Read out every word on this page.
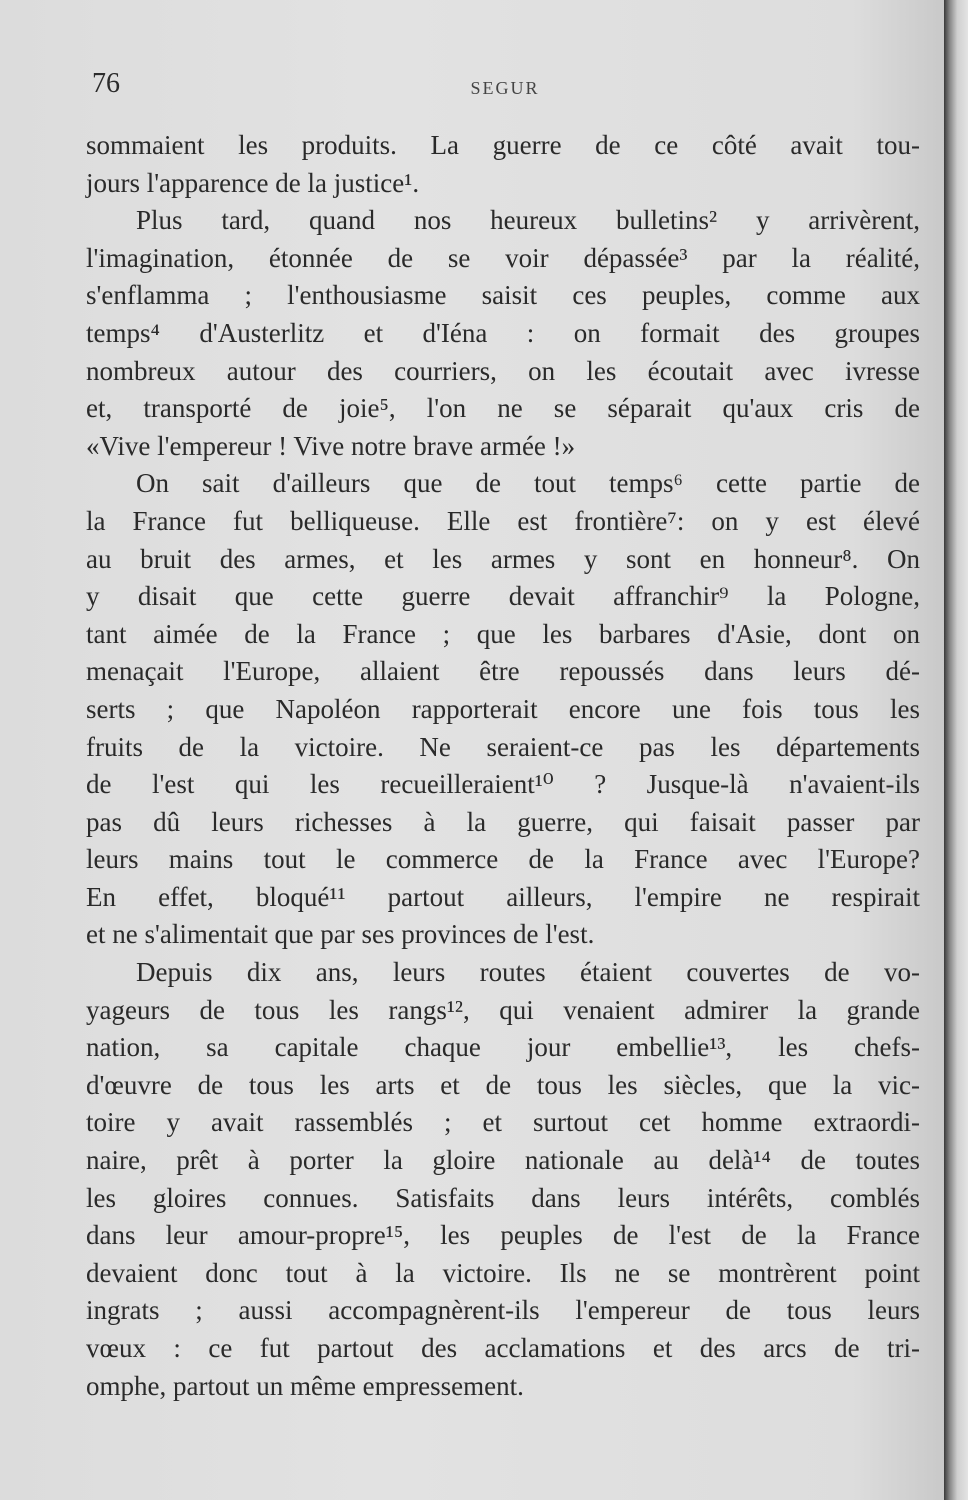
76	SEGUR
sommaient les produits. La guerre de ce côté avait tou-
jours l'apparence de la justice¹.
Plus tard, quand nos heureux bulletins² y arrivèrent,
l'imagination, étonnée de se voir dépassée³ par la réalité,
s'enflamma ; l'enthousiasme saisit ces peuples, comme aux
temps⁴ d'Austerlitz et d'Iéna : on formait des groupes
nombreux autour des courriers, on les écoutait avec ivresse
et, transporté de joie⁵, l'on ne se séparait qu'aux cris de
«Vive l'empereur ! Vive notre brave armée !»
On sait d'ailleurs que de tout temps⁶ cette partie de
la France fut belliqueuse. Elle est frontière⁷: on y est élevé
au bruit des armes, et les armes y sont en honneur⁸. On
y disait que cette guerre devait affranchir⁹ la Pologne,
tant aimée de la France ; que les barbares d'Asie, dont on
menaçait l'Europe, allaient être repoussés dans leurs dé-
serts ; que Napoléon rapporterait encore une fois tous les
fruits de la victoire. Ne seraient-ce pas les départements
de l'est qui les recueilleraient¹⁰ ? Jusque-là n'avaient-ils
pas dû leurs richesses à la guerre, qui faisait passer par
leurs mains tout le commerce de la France avec l'Europe?
En effet, bloqué¹¹ partout ailleurs, l'empire ne respirait
et ne s'alimentait que par ses provinces de l'est.
Depuis dix ans, leurs routes étaient couvertes de vo-
yageurs de tous les rangs¹², qui venaient admirer la grande
nation, sa capitale chaque jour embellie¹³, les chefs-
d'œuvre de tous les arts et de tous les siècles, que la vic-
toire y avait rassemblés ; et surtout cet homme extraordi-
naire, prêt à porter la gloire nationale au delà¹⁴ de toutes
les gloires connues. Satisfaits dans leurs intérêts, comblés
dans leur amour-propre¹⁵, les peuples de l'est de la France
devaient donc tout à la victoire. Ils ne se montrèrent point
ingrats ; aussi accompagnèrent-ils l'empereur de tous leurs
vœux : ce fut partout des acclamations et des arcs de tri-
omphe, partout un même empressement.
